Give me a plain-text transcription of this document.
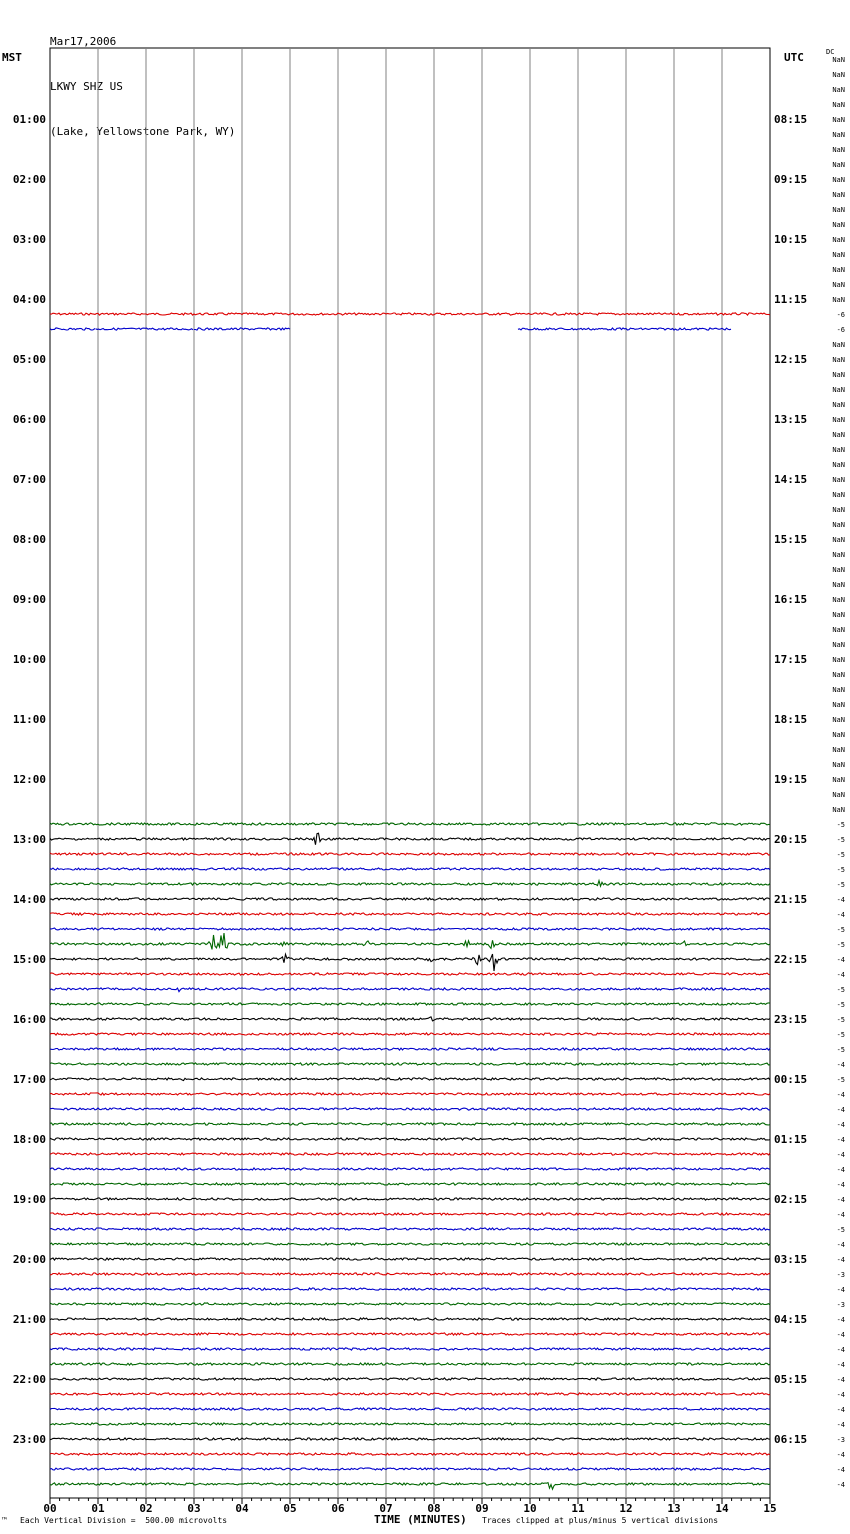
Mar17,2006

LKWY SHZ US

(Lake, Yellowstone Park, WY)

MST	UTC	DC
00	01	02	03	04	05	06	07	08	09	10	11	12	13	14	15
01:00	08:15
02:00	09:15
03:00	10:15
04:00	11:15
05:00	12:15
06:00	13:15
07:00	14:15
08:00	15:15
09:00	16:15
10:00	17:15
11:00	18:15
12:00	19:15
13:00	20:15
14:00	21:15
15:00	22:15
16:00	23:15
17:00	00:15
18:00	01:15
19:00	02:15
20:00	03:15
21:00	04:15
22:00	05:15
23:00	06:15
NaN
NaN
NaN
NaN
NaN
NaN
NaN
NaN
NaN
NaN
NaN
NaN
NaN
NaN
NaN
NaN
NaN
-6
-6
NaN
NaN
NaN
NaN
NaN
NaN
NaN
NaN
NaN
NaN
NaN
NaN
NaN
NaN
NaN
NaN
NaN
NaN
NaN
NaN
NaN
NaN
NaN
NaN
NaN
NaN
NaN
NaN
NaN
NaN
NaN
NaN
-5
-5
-5
-5
-5
-4
-4
-5
-5
-4
-4
-5
-5
-5
-5
-5
-4
-5
-4
-4
-4
-4
-4
-4
-4
-4
-4
-5
-4
-4
-3
-4
-3
-4
-4
-4
-4
-4
-4
-4
-4
-3
-4
-4
-4
™ Each Vertical Division =  500.00 microvolts	TIME (MINUTES) Traces clipped at plus/minus 5 vertical divisions
